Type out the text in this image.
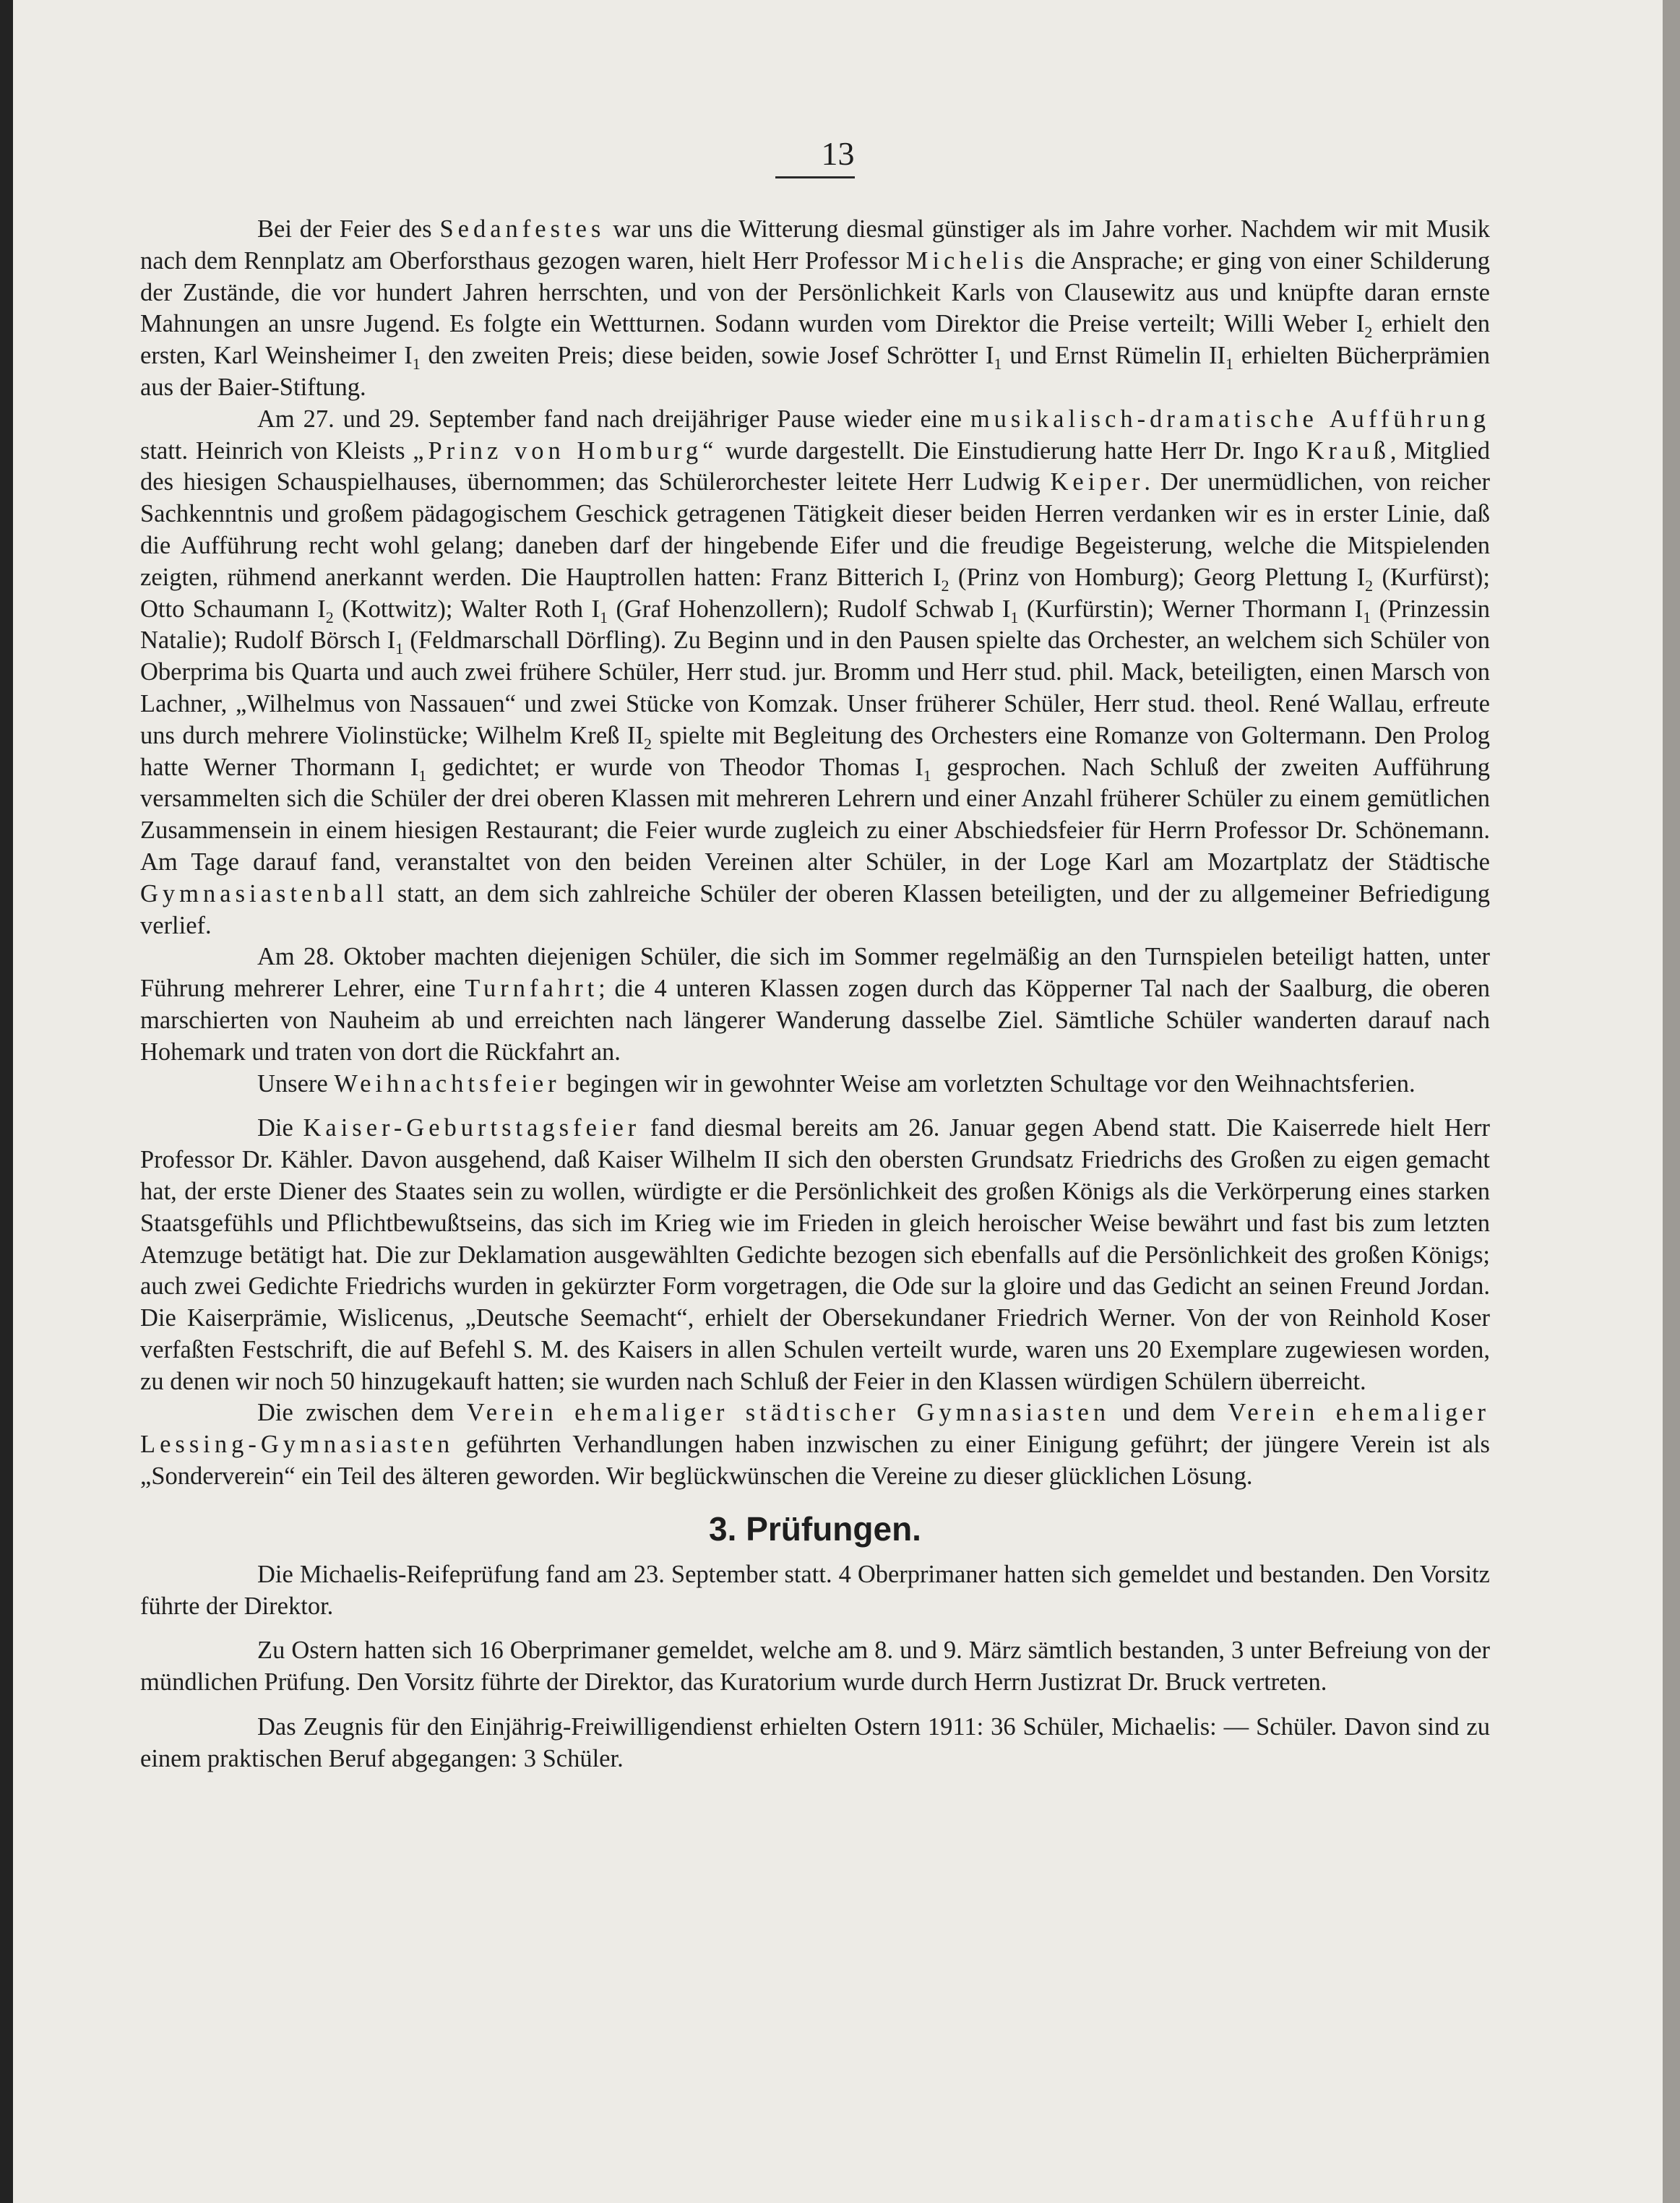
13

Bei der Feier des Sedanfestes war uns die Witterung diesmal günstiger als im Jahre vorher. Nachdem wir mit Musik nach dem Rennplatz am Oberforsthaus gezogen waren, hielt Herr Professor Michelis die Ansprache; er ging von einer Schilderung der Zustände, die vor hundert Jahren herrschten, und von der Persönlichkeit Karls von Clausewitz aus und knüpfte daran ernste Mahnungen an unsre Jugend. Es folgte ein Wettturnen. Sodann wurden vom Direktor die Preise verteilt; Willi Weber $I_2$ erhielt den ersten, Karl Weinsheimer $I_1$ den zweiten Preis; diese beiden, sowie Josef Schrötter $I_1$ und Ernst Rümelin $II_1$ erhielten Bücherprämien aus der Baier-Stiftung.

Am 27. und 29. September fand nach dreijähriger Pause wieder eine musikalisch-dramatische Aufführung statt. Heinrich von Kleists „Prinz von Homburg“ wurde dargestellt. Die Einstudierung hatte Herr Dr. Ingo Krauß, Mitglied des hiesigen Schauspielhauses, übernommen; das Schülerorchester leitete Herr Ludwig Keiper. Der unermüdlichen, von reicher Sachkenntnis und großem pädagogischem Geschick getragenen Tätigkeit dieser beiden Herren verdanken wir es in erster Linie, daß die Aufführung recht wohl gelang; daneben darf der hingebende Eifer und die freudige Begeisterung, welche die Mitspielenden zeigten, rühmend anerkannt werden. Die Hauptrollen hatten: Franz Bitterich $I_2$ (Prinz von Homburg); Georg Plettung $I_2$ (Kurfürst); Otto Schaumann $I_2$ (Kottwitz); Walter Roth $I_1$ (Graf Hohenzollern); Rudolf Schwab $I_1$ (Kurfürstin); Werner Thormann $I_1$ (Prinzessin Natalie); Rudolf Börsch $I_1$ (Feldmarschall Dörfling). Zu Beginn und in den Pausen spielte das Orchester, an welchem sich Schüler von Oberprima bis Quarta und auch zwei frühere Schüler, Herr stud. jur. Bromm und Herr stud. phil. Mack, beteiligten, einen Marsch von Lachner, „Wilhelmus von Nassauen“ und zwei Stücke von Komzak. Unser früherer Schüler, Herr stud. theol. René Wallau, erfreute uns durch mehrere Violinstücke; Wilhelm Kreß $II_2$ spielte mit Begleitung des Orchesters eine Romanze von Goltermann. Den Prolog hatte Werner Thormann $I_1$ gedichtet; er wurde von Theodor Thomas $I_1$ gesprochen. Nach Schluß der zweiten Aufführung versammelten sich die Schüler der drei oberen Klassen mit mehreren Lehrern und einer Anzahl früherer Schüler zu einem gemütlichen Zusammensein in einem hiesigen Restaurant; die Feier wurde zugleich zu einer Abschiedsfeier für Herrn Professor Dr. Schönemann. Am Tage darauf fand, veranstaltet von den beiden Vereinen alter Schüler, in der Loge Karl am Mozartplatz der Städtische Gymnasiastenball statt, an dem sich zahlreiche Schüler der oberen Klassen beteiligten, und der zu allgemeiner Befriedigung verlief.

Am 28. Oktober machten diejenigen Schüler, die sich im Sommer regelmäßig an den Turnspielen beteiligt hatten, unter Führung mehrerer Lehrer, eine Turnfahrt; die 4 unteren Klassen zogen durch das Köpperner Tal nach der Saalburg, die oberen marschierten von Nauheim ab und erreichten nach längerer Wanderung dasselbe Ziel. Sämtliche Schüler wanderten darauf nach Hohemark und traten von dort die Rückfahrt an.

Unsere Weihnachtsfeier begingen wir in gewohnter Weise am vorletzten Schultage vor den Weihnachtsferien.

Die Kaiser-Geburtstagsfeier fand diesmal bereits am 26. Januar gegen Abend statt. Die Kaiserrede hielt Herr Professor Dr. Kähler. Davon ausgehend, daß Kaiser Wilhelm II sich den obersten Grundsatz Friedrichs des Großen zu eigen gemacht hat, der erste Diener des Staates sein zu wollen, würdigte er die Persönlichkeit des großen Königs als die Verkörperung eines starken Staatsgefühls und Pflichtbewußtseins, das sich im Krieg wie im Frieden in gleich heroischer Weise bewährt und fast bis zum letzten Atemzuge betätigt hat. Die zur Deklamation ausgewählten Gedichte bezogen sich ebenfalls auf die Persönlichkeit des großen Königs; auch zwei Gedichte Friedrichs wurden in gekürzter Form vorgetragen, die Ode sur la gloire und das Gedicht an seinen Freund Jordan. Die Kaiserprämie, Wislicenus, „Deutsche Seemacht“, erhielt der Obersekundaner Friedrich Werner. Von der von Reinhold Koser verfaßten Festschrift, die auf Befehl S. M. des Kaisers in allen Schulen verteilt wurde, waren uns 20 Exemplare zugewiesen worden, zu denen wir noch 50 hinzugekauft hatten; sie wurden nach Schluß der Feier in den Klassen würdigen Schülern überreicht.

Die zwischen dem Verein ehemaliger städtischer Gymnasiasten und dem Verein ehemaliger Lessing-Gymnasiasten geführten Verhandlungen haben inzwischen zu einer Einigung geführt; der jüngere Verein ist als „Sonderverein“ ein Teil des älteren geworden. Wir beglückwünschen die Vereine zu dieser glücklichen Lösung.

3. Prüfungen.

Die Michaelis-Reifeprüfung fand am 23. September statt. 4 Oberprimaner hatten sich gemeldet und bestanden. Den Vorsitz führte der Direktor.

Zu Ostern hatten sich 16 Oberprimaner gemeldet, welche am 8. und 9. März sämtlich bestanden, 3 unter Befreiung von der mündlichen Prüfung. Den Vorsitz führte der Direktor, das Kuratorium wurde durch Herrn Justizrat Dr. Bruck vertreten.

Das Zeugnis für den Einjährig-Freiwilligendienst erhielten Ostern 1911: 36 Schüler, Michaelis: — Schüler. Davon sind zu einem praktischen Beruf abgegangen: 3 Schüler.
